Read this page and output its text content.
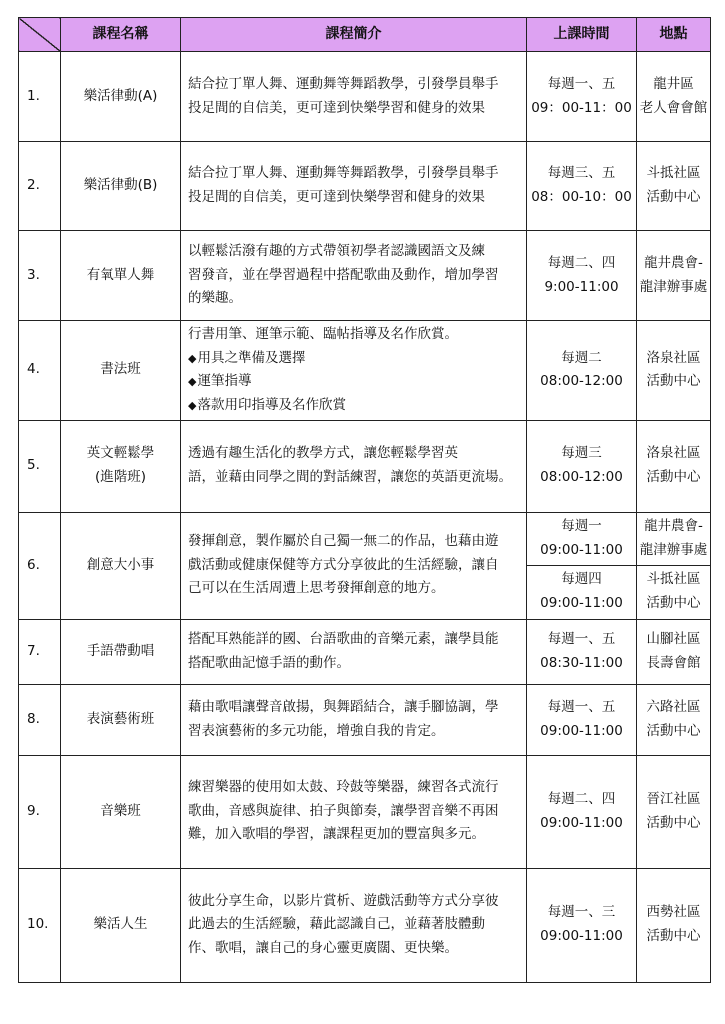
	課程名稱	課程簡介	上課時間	地點
1.	樂活律動(A)	結合拉丁單人舞、運動舞等舞蹈教學，引發學員舉手
投足間的自信美，更可達到快樂學習和健身的效果	每週一、五
09：00-11：00	龍井區
老人會會館

2.	樂活律動(B)	結合拉丁單人舞、運動舞等舞蹈教學，引發學員舉手
投足間的自信美，更可達到快樂學習和健身的效果	每週三、五
08：00-10：00	斗抵社區
活動中心

3.	有氧單人舞	以輕鬆活潑有趣的方式帶領初學者認識國語文及練
習發音，並在學習過程中搭配歌曲及動作，增加學習
的樂趣。	每週二、四
9:00-11:00	龍井農會-
龍津辦事處

4.	書法班	行書用筆、運筆示範、臨帖指導及名作欣賞。
◆ 用具之準備及選擇
◆ 運筆指導
◆ 落款用印指導及名作欣賞	每週二
08:00-12:00	洛泉社區
活動中心

5.	英文輕鬆學
(進階班)	透過有趣生活化的教學方式，讓您輕鬆學習英
語，並藉由同學之間的對話練習，讓您的英語更流場。	每週三
08:00-12:00	洛泉社區
活動中心

6.	創意大小事	發揮創意，製作屬於自己獨一無二的作品，也藉由遊
戲活動或健康保健等方式分享彼此的生活經驗，讓自
己可以在生活周遭上思考發揮創意的地方。	每週一
09:00-11:00	龍井農會-
龍津辦事處

			每週四
09:00-11:00	斗抵社區
活動中心

7.	手語帶動唱	搭配耳熟能詳的國、台語歌曲的音樂元素，讓學員能
搭配歌曲記憶手語的動作。	每週一、五
08:30-11:00	山腳社區
長壽會館

8.	表演藝術班	藉由歌唱讓聲音啟揚，與舞蹈結合，讓手腳協調，學
習表演藝術的多元功能，增強自我的肯定。	每週一、五
09:00-11:00	六路社區
活動中心

9.	音樂班	練習樂器的使用如太鼓、玲鼓等樂器，練習各式流行
歌曲，音感與旋律、拍子與節奏，讓學習音樂不再困
難，加入歌唱的學習，讓課程更加的豐富與多元。	每週二、四
09:00-11:00	晉江社區
活動中心

10.	樂活人生	彼此分享生命，以影片賞析、遊戲活動等方式分享彼
此過去的生活經驗，藉此認識自己，並藉著肢體動
作、歌唱，讓自己的身心靈更廣闊、更快樂。	每週一、三
09:00-11:00	西勢社區
活動中心
